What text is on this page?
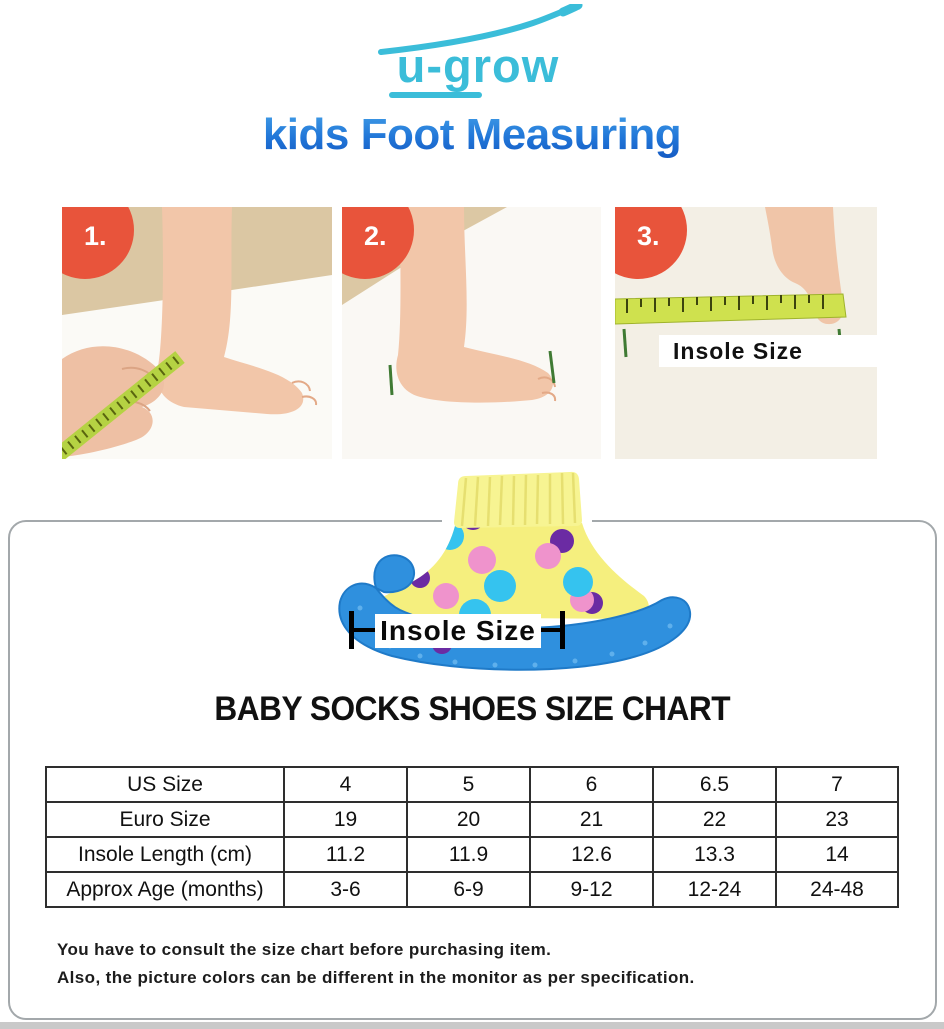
u-grow
kids Foot Measuring
1.	2.
Insole Size
3.
Insole Size
BABY SOCKS SHOES SIZE CHART
US Size	4	5	6	6.5	7
Euro Size	19	20	21	22	23
Insole Length (cm)	11.2	11.9	12.6	13.3	14
Approx Age (months)	3-6	6-9	9-12	12-24	24-48
You have to consult the size chart before purchasing item.
Also, the picture colors can be different in the monitor as per specification.
